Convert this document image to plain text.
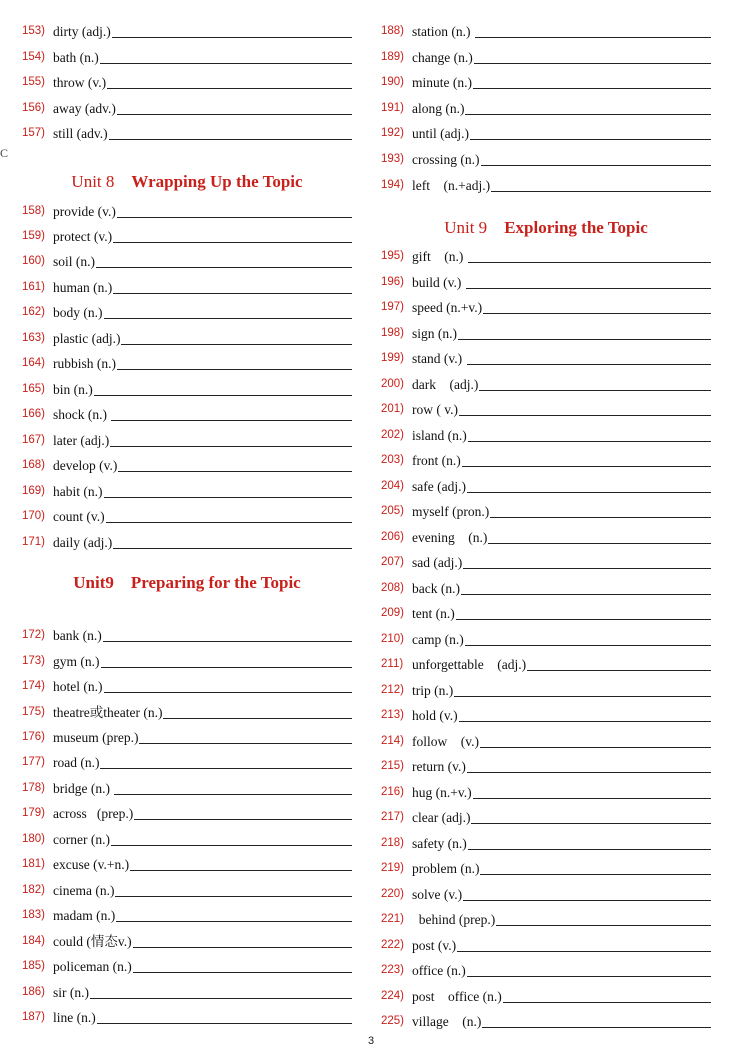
C
153) dirty (adj.)
154) bath (n.)
155) throw (v.)
156) away (adv.)
157) still (adv.)
Unit 8 Wrapping Up the Topic
158) provide (v.)
159) protect (v.)
160) soil (n.)
161) human (n.)
162) body (n.)
163) plastic (adj.)
164) rubbish (n.)
165) bin (n.)
166) shock (n.)
167) later (adj.)
168) develop (v.)
169) habit (n.)
170) count (v.)
171) daily (adj.)
Unit9 Preparing for the Topic
172) bank (n.)
173) gym (n.)
174) hotel (n.)
175) theatre或theater (n.)
176) museum (prep.)
177) road (n.)
178) bridge (n.)
179) across   (prep.)
180) corner (n.)
181) excuse (v.+n.)
182) cinema (n.)
183) madam (n.)
184) could (情态v.)
185) policeman (n.)
186) sir (n.)
187) line (n.)
188) station (n.)
189) change (n.)
190) minute (n.)
191) along (n.)
192) until (adj.)
193) crossing (n.)
194) left    (n.+adj.)
Unit 9 Exploring the Topic
195) gift    (n.)
196) build (v.)
197) speed (n.+v.)
198) sign (n.)
199) stand (v.)
200) dark    (adj.)
201) row ( v.)
202) island (n.)
203) front (n.)
204) safe (adj.)
205) myself (pron.)
206) evening    (n.)
207) sad (adj.)
208) back (n.)
209) tent (n.)
210) camp (n.)
211) unforgettable    (adj.)
212) trip (n.)
213) hold (v.)
214) follow    (v.)
215) return (v.)
216) hug (n.+v.)
217) clear (adj.)
218) safety (n.)
219) problem (n.)
220) solve (v.)
221) behind (prep.)
222) post (v.)
223) office (n.)
224) post    office (n.)
225) village    (n.)
3
